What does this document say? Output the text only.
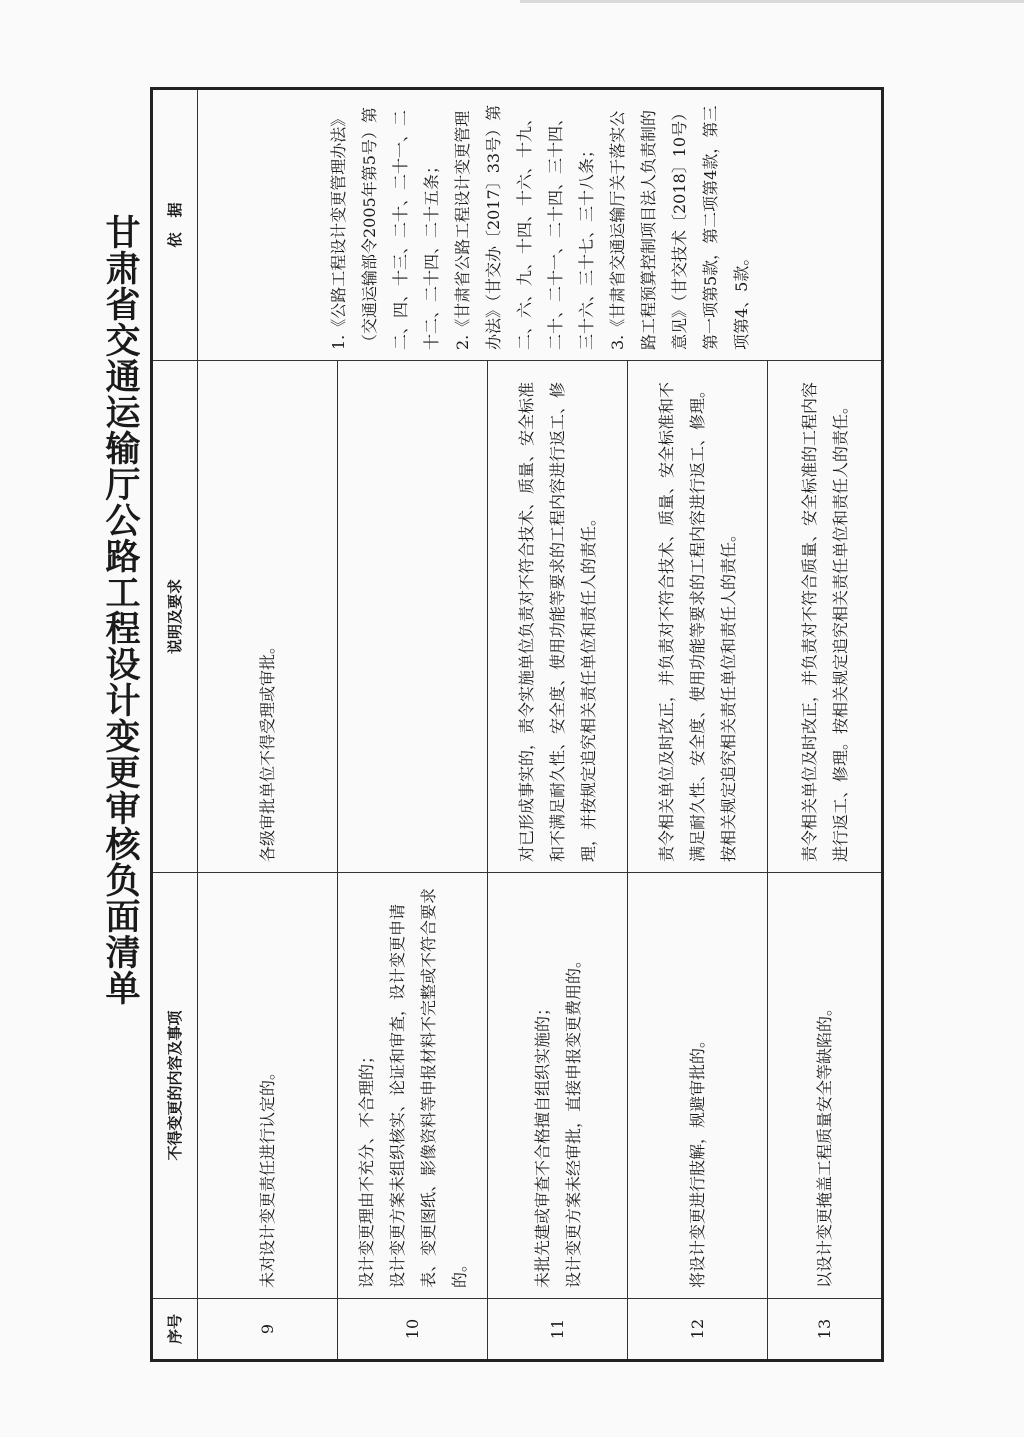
甘肃省交通运输厅公路工程设计变更审核负面清单
序号	不得变更的内容及事项	说明及要求	依　据
9	未对设计变更责任进行认定的。	各级审批单位不得受理或审批。	1.《公路工程设计变更管理办法》（交通运输部令2005年第5号）第二、四、十三、二十、二十一、二十二、二十四、二十五条； 2.《甘肃省公路工程设计变更管理办法》（甘交办〔2017〕33号）第二、六、九、十四、十六、十九、二十、二十一、二十四、三十四、三十六、三十七、三十八条； 3.《甘肃省交通运输厅关于落实公路工程预算控制项目法人负责制的意见》（甘交技术〔2018〕10号）第一项第5款，第二项第4款，第三项第4、5款。

10	设计变更理由不充分、不合理的； 设计变更方案未组织核实、论证和审查，设计变更申请表、变更图纸、影像资料等申报材料不完整或不符合要求的。		

11	未批先建或审查不合格擅自组织实施的； 设计变更方案未经审批，直接申报变更费用的。	对已形成事实的，责令实施单位负责对不符合技术、质量、安全标准和不满足耐久性、安全度、使用功能等要求的工程内容进行返工、修理，并按规定追究相关责任单位和责任人的责任。	

12	将设计变更进行肢解，规避审批的。	责令相关单位及时改正，并负责对不符合技术、质量、安全标准和不满足耐久性、安全度、使用功能等要求的工程内容进行返工、修理。按相关规定追究相关责任单位和责任人的责任。	

13	以设计变更掩盖工程质量安全等缺陷的。	责令相关单位及时改正，并负责对不符合质量、安全标准的工程内容进行返工、修理。按相关规定追究相关责任单位和责任人的责任。	
